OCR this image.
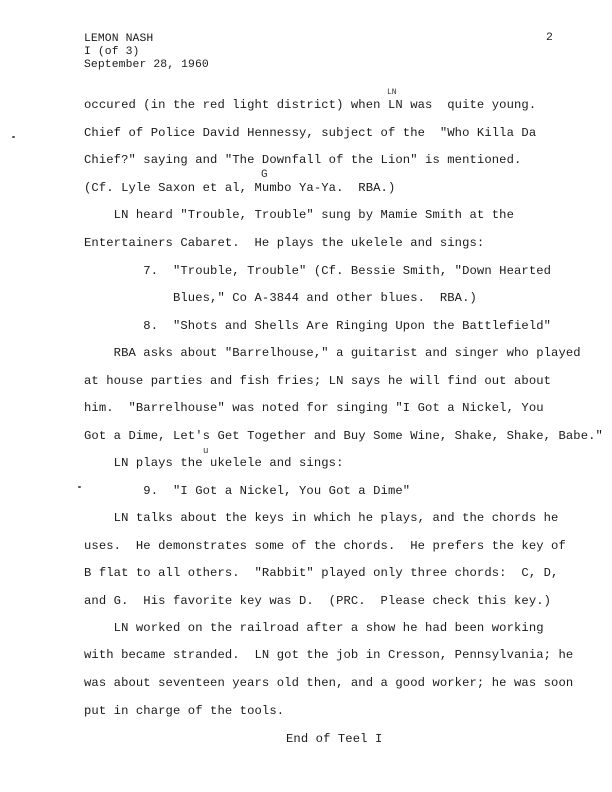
LEMON NASH
I (of 3)
September 28, 1960
2
occured (in the red light district) when LN was  quite young.
Chief of Police David Hennessy, subject of the  "Who Killa Da
Chief?" saying and "The Downfall of the Lion" is mentioned.
(Cf. Lyle Saxon et al, Mumbo Ya-Ya.  RBA.)
LN heard "Trouble, Trouble" sung by Mamie Smith at the
Entertainers Cabaret.  He plays the ukelele and sings:
7.  "Trouble, Trouble" (Cf. Bessie Smith, "Down Hearted
Blues," Co A-3844 and other blues.  RBA.)
8.  "Shots and Shells Are Ringing Upon the Battlefield"
RBA asks about "Barrelhouse," a guitarist and singer who played
at house parties and fish fries; LN says he will find out about
him.  "Barrelhouse" was noted for singing "I Got a Nickel, You
Got a Dime, Let's Get Together and Buy Some Wine, Shake, Shake, Babe."
LN plays the ukelele and sings:
9.  "I Got a Nickel, You Got a Dime"
LN talks about the keys in which he plays, and the chords he
uses.  He demonstrates some of the chords.  He prefers the key of
B flat to all others.  "Rabbit" played only three chords:  C, D,
and G.  His favorite key was D.  (PRC.  Please check this key.)
LN worked on the railroad after a show he had been working
with became stranded.  LN got the job in Cresson, Pennsylvania; he
was about seventeen years old then, and a good worker; he was soon
put in charge of the tools.
End of Teel I
LN
G
u
